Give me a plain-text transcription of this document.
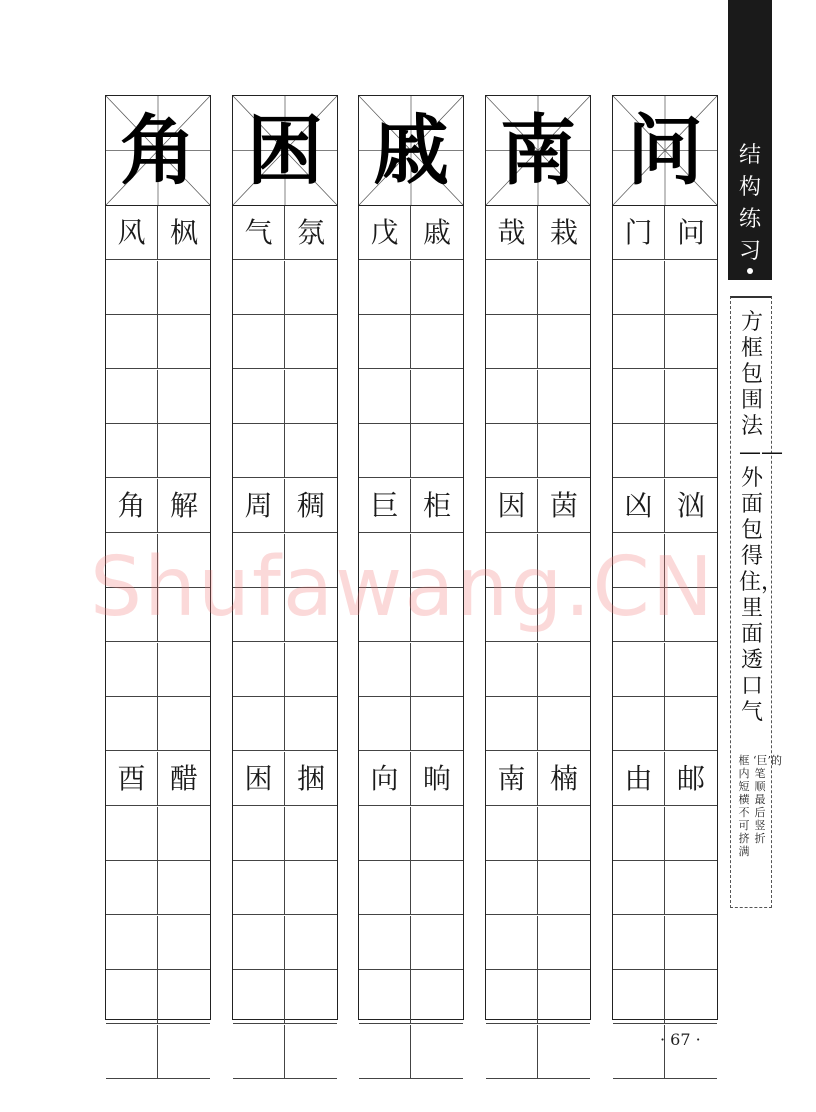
角
风 枫
角 解
酉 醋
困
气 氛
周 稠
困 捆
戚
戊 戚
巨 柜
向 晌
南
哉 栽
因 茵
南 楠
问
门 问
凶 汹
由 邮
结构练习
方框包围法——外面包得住，里面透口气
‘巨’的笔顺最后竖折
框内短横不可挤满
Shufawang.CN
· 67 ·
